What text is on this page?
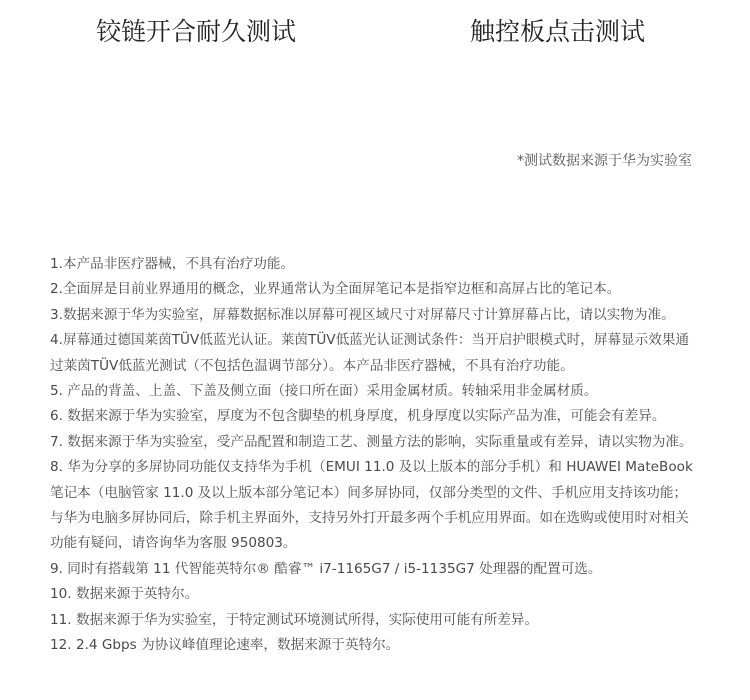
铰链开合耐久测试	触控板点击测试
*测试数据来源于华为实验室
1.本产品非医疗器械，不具有治疗功能。
2.全面屏是目前业界通用的概念，业界通常认为全面屏笔记本是指窄边框和高屏占比的笔记本。
3.数据来源于华为实验室，屏幕数据标准以屏幕可视区域尺寸对屏幕尺寸计算屏幕占比，请以实物为准。
4.屏幕通过德国莱茵TÜV低蓝光认证。莱茵TÜV低蓝光认证测试条件：当开启护眼模式时，屏幕显示效果通过莱茵TÜV低蓝光测试（不包括色温调节部分）。本产品非医疗器械，不具有治疗功能。
5. 产品的背盖、上盖、下盖及侧立面（接口所在面）采用金属材质。转轴采用非金属材质。
6. 数据来源于华为实验室，厚度为不包含脚垫的机身厚度，机身厚度以实际产品为准，可能会有差异。
7. 数据来源于华为实验室，受产品配置和制造工艺、测量方法的影响，实际重量或有差异，请以实物为准。
8. 华为分享的多屏协同功能仅支持华为手机（EMUI 11.0 及以上版本的部分手机）和 HUAWEI MateBook笔记本（电脑管家 11.0 及以上版本部分笔记本）间多屏协同，仅部分类型的文件、手机应用支持该功能；与华为电脑多屏协同后，除手机主界面外，支持另外打开最多两个手机应用界面。如在选购或使用时对相关功能有疑问，请咨询华为客服 950803。
9. 同时有搭载第 11 代智能英特尔® 酷睿™ i7-1165G7 / i5-1135G7 处理器的配置可选。
10. 数据来源于英特尔。
11. 数据来源于华为实验室，于特定测试环境测试所得，实际使用可能有所差异。
12. 2.4 Gbps 为协议峰值理论速率，数据来源于英特尔。
